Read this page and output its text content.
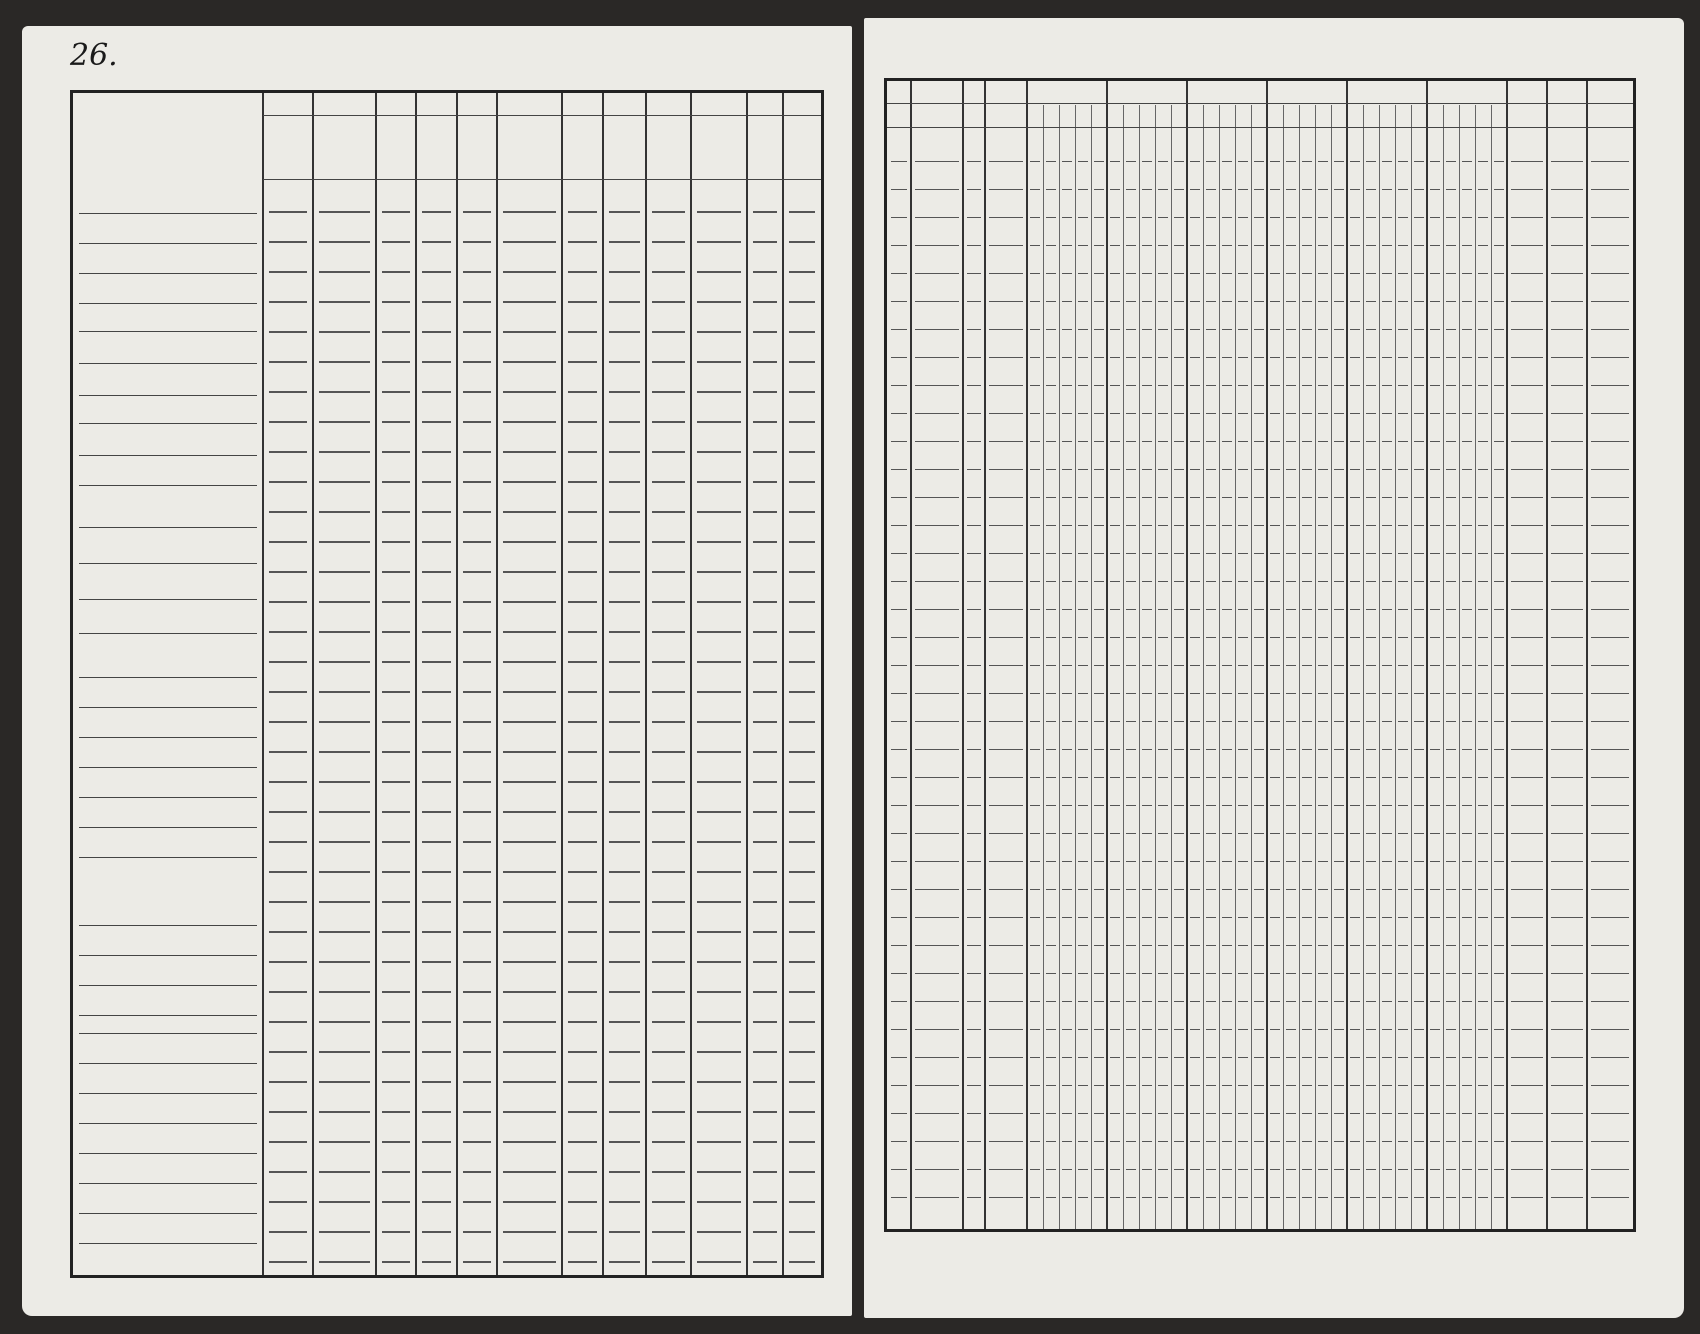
26.
